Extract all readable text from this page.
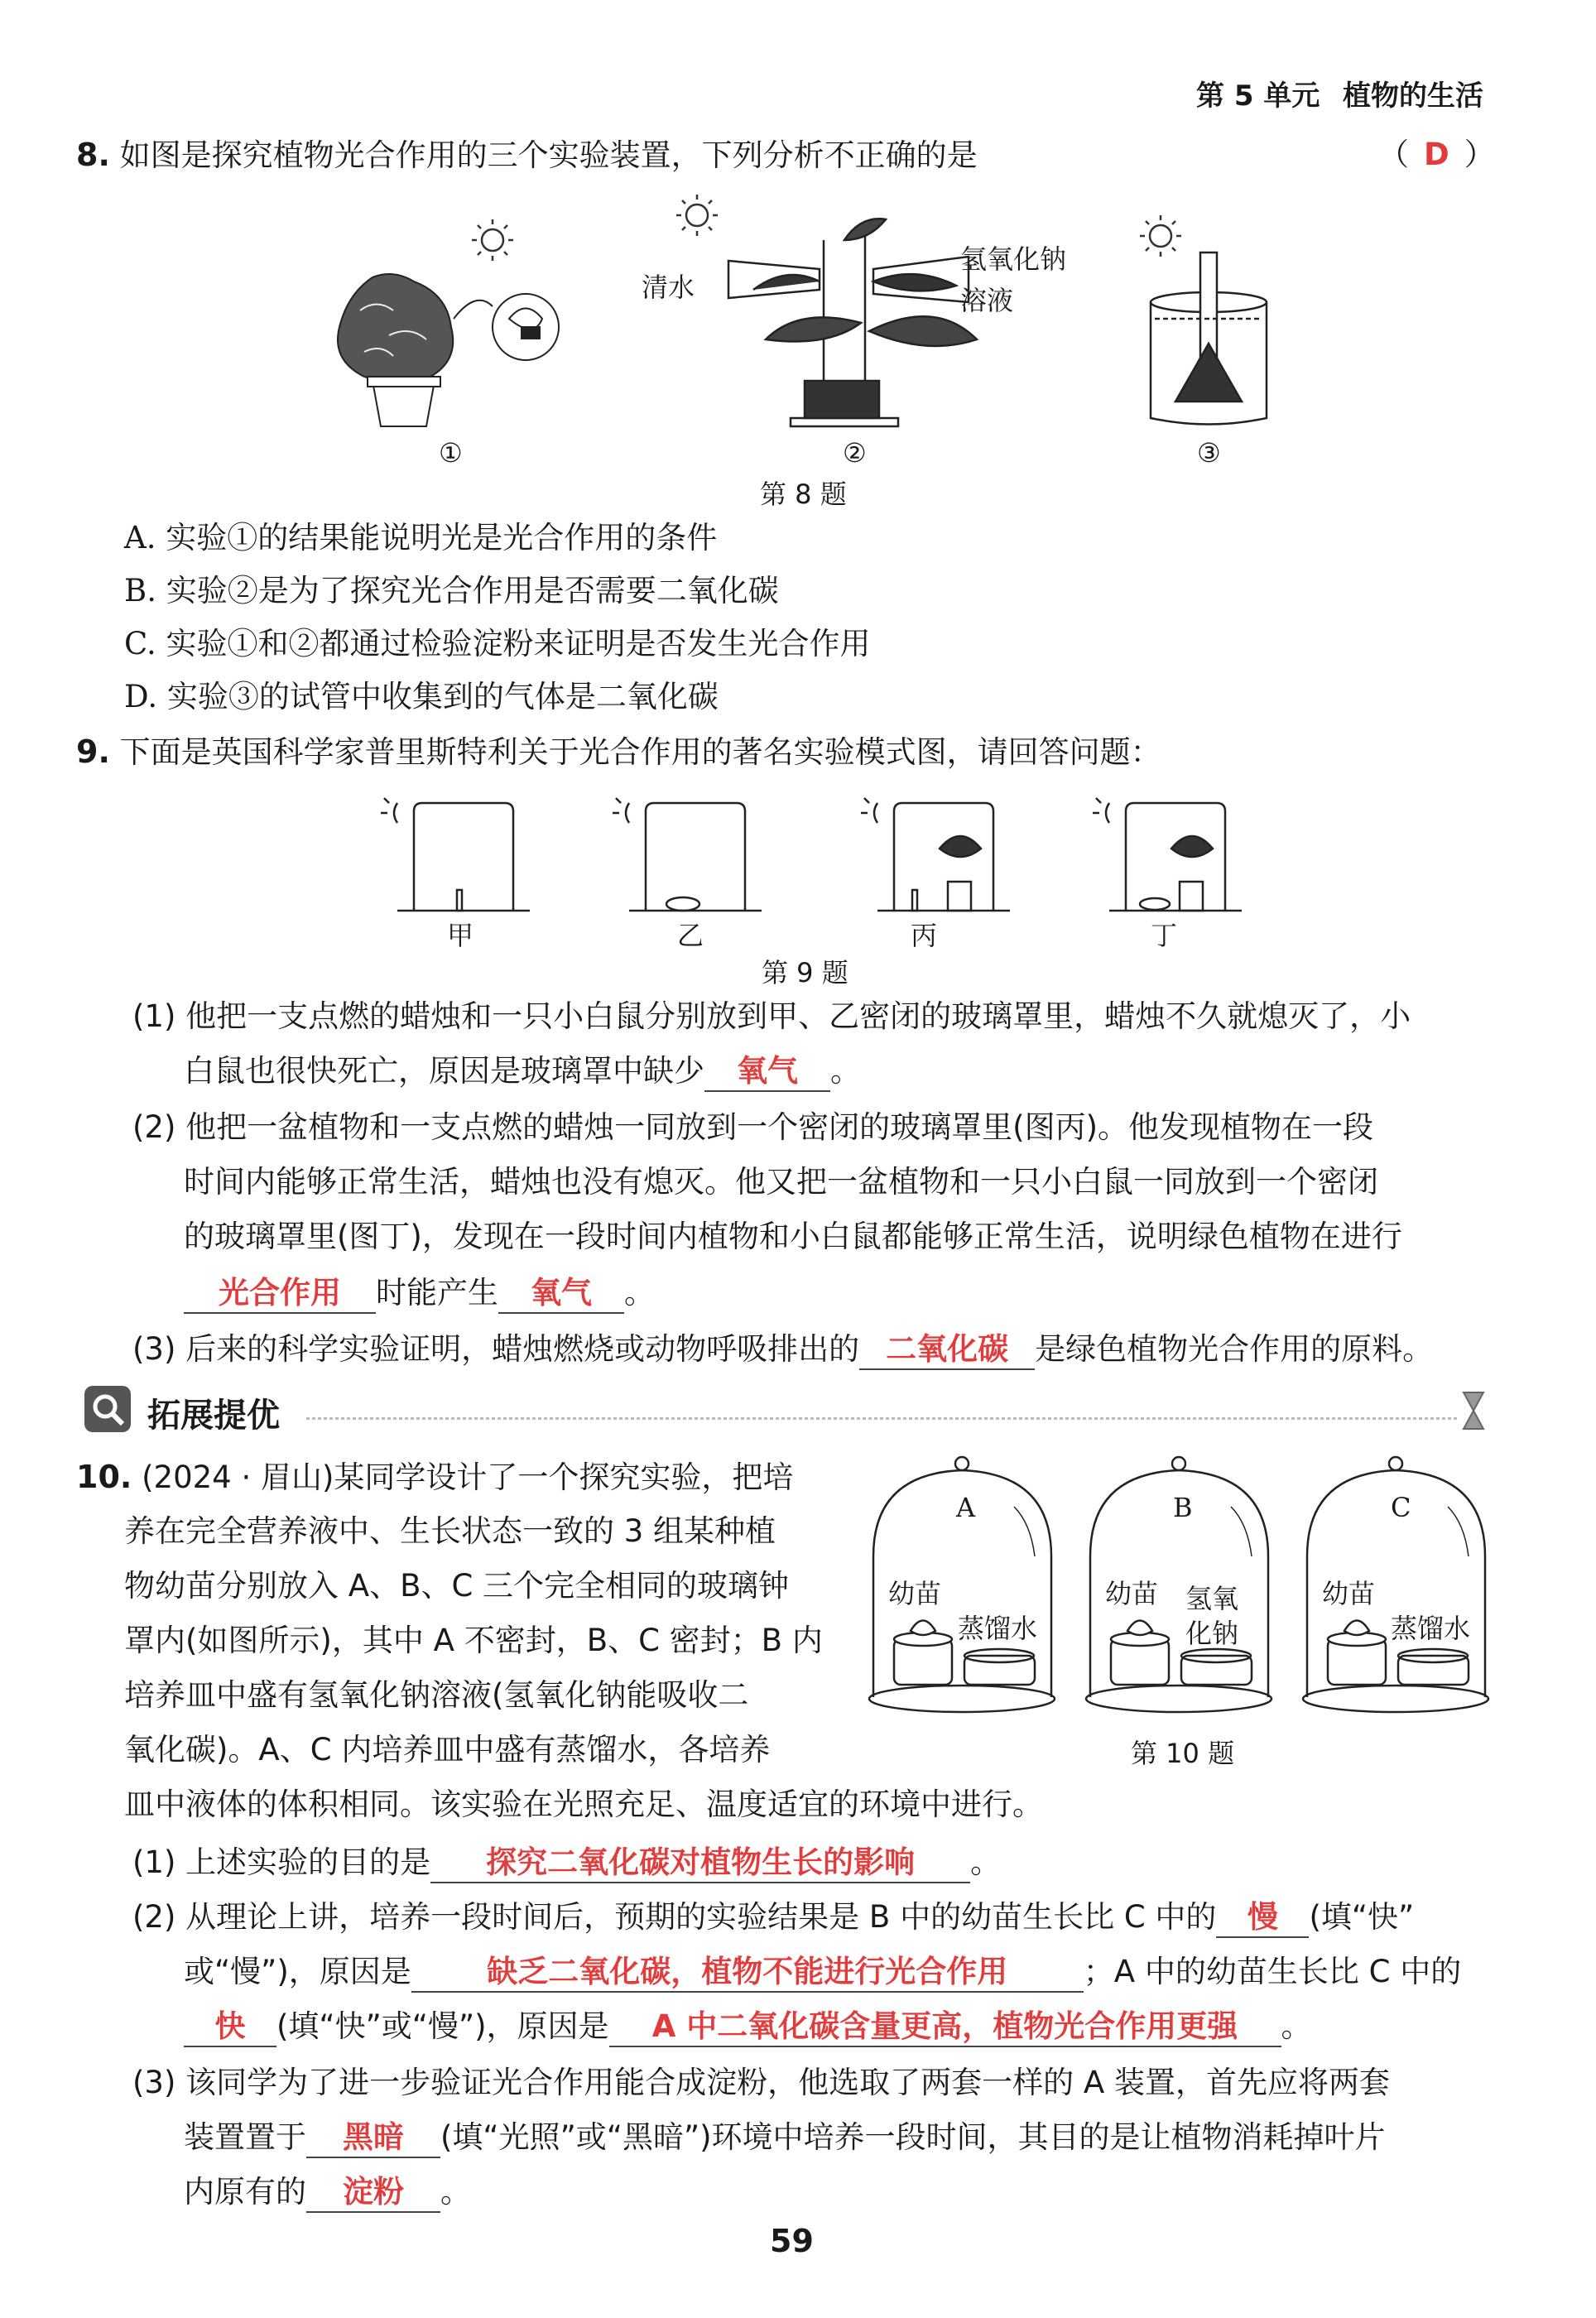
第 5 单元 植物的生活
8. 如图是探究植物光合作用的三个实验装置，下列分析不正确的是	（ D ）
①
清水
氢氧化钠
溶液
②	③
第 8 题
A. 实验①的结果能说明光是光合作用的条件
B. 实验②是为了探究光合作用是否需要二氧化碳
C. 实验①和②都通过检验淀粉来证明是否发生光合作用
D. 实验③的试管中收集到的气体是二氧化碳
9. 下面是英国科学家普里斯特利关于光合作用的著名实验模式图，请回答问题：
甲	乙	丙	丁
第 9 题
(1) 他把一支点燃的蜡烛和一只小白鼠分别放到甲、乙密闭的玻璃罩里，蜡烛不久就熄灭了，小
白鼠也很快死亡，原因是玻璃罩中缺少 氧气 。
(2) 他把一盆植物和一支点燃的蜡烛一同放到一个密闭的玻璃罩里(图丙)。他发现植物在一段
时间内能够正常生活，蜡烛也没有熄灭。他又把一盆植物和一只小白鼠一同放到一个密闭
的玻璃罩里(图丁)，发现在一段时间内植物和小白鼠都能够正常生活，说明绿色植物在进行
光合作用 时能产生 氧气 。
(3) 后来的科学实验证明，蜡烛燃烧或动物呼吸排出的 二氧化碳 是绿色植物光合作用的原料。
拓展提优
10. (2024 · 眉山)某同学设计了一个探究实验，把培
养在完全营养液中、生长状态一致的 3 组某种植
物幼苗分别放入 A、B、C 三个完全相同的玻璃钟
罩内(如图所示)，其中 A 不密封，B、C 密封；B 内
培养皿中盛有氢氧化钠溶液(氢氧化钠能吸收二
氧化碳)。A、C 内培养皿中盛有蒸馏水，各培养
皿中液体的体积相同。该实验在光照充足、温度适宜的环境中进行。
A	B	C
幼苗
蒸馏水
幼苗 氢氧
化钠
幼苗
蒸馏水
第 10 题
(1) 上述实验的目的是 探究二氧化碳对植物生长的影响 。
(2) 从理论上讲，培养一段时间后，预期的实验结果是 B 中的幼苗生长比 C 中的 慢 (填“快”
或“慢”)，原因是 缺乏二氧化碳，植物不能进行光合作用 ；A 中的幼苗生长比 C 中的
快 (填“快”或“慢”)，原因是 A 中二氧化碳含量更高，植物光合作用更强 。
(3) 该同学为了进一步验证光合作用能合成淀粉，他选取了两套一样的 A 装置，首先应将两套
装置置于 黑暗 (填“光照”或“黑暗”)环境中培养一段时间，其目的是让植物消耗掉叶片
内原有的 淀粉 。
59
